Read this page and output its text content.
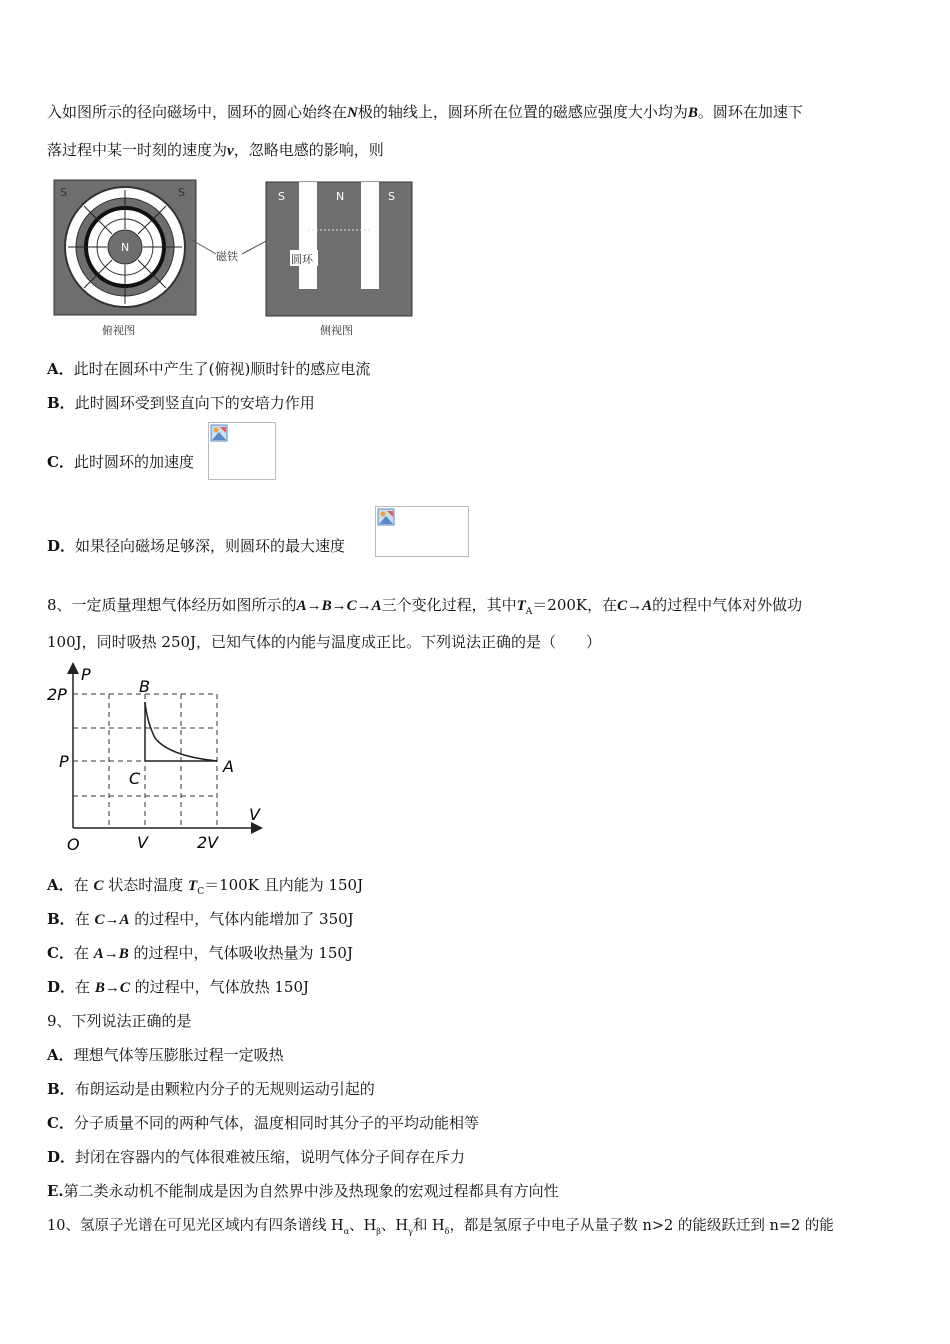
入如图所示的径向磁场中，圆环的圆心始终在N极的轴线上，圆环所在位置的磁感应强度大小均为B。圆环在加速下
落过程中某一时刻的速度为v，忽略电感的影响，则
S	S
N
俯视图
磁铁
S	N	S
圆环
侧视图
A．此时在圆环中产生了(俯视)顺时针的感应电流
B．此时圆环受到竖直向下的安培力作用
C．此时圆环的加速度
D．如果径向磁场足够深，则圆环的最大速度
8、一定质量理想气体经历如图所示的A→B→C→A三个变化过程，其中$T_A=200K$，在C→A的过程中气体对外做功
100J，同时吸热 250J，已知气体的内能与温度成正比。下列说法正确的是（　　）
P
V
O
2P
P
V	2V
A
B
C
A．在 C 状态时温度 $T_C=100K$ 且内能为 150J
B．在 C→A 的过程中，气体内能增加了 350J
C．在 A→B 的过程中，气体吸收热量为 150J
D．在 B→C 的过程中，气体放热 150J
9、下列说法正确的是
A．理想气体等压膨胀过程一定吸热
B．布朗运动是由颗粒内分子的无规则运动引起的
C．分子质量不同的两种气体，温度相同时其分子的平均动能相等
D．封闭在容器内的气体很难被压缩，说明气体分子间存在斥力
E.第二类永动机不能制成是因为自然界中涉及热现象的宏观过程都具有方向性
10、氢原子光谱在可见光区域内有四条谱线 $H_\alpha$、$H_\beta$、$H_\gamma$和 $H_\delta$，都是氢原子中电子从量子数 n>2 的能级跃迁到 n=2 的能
